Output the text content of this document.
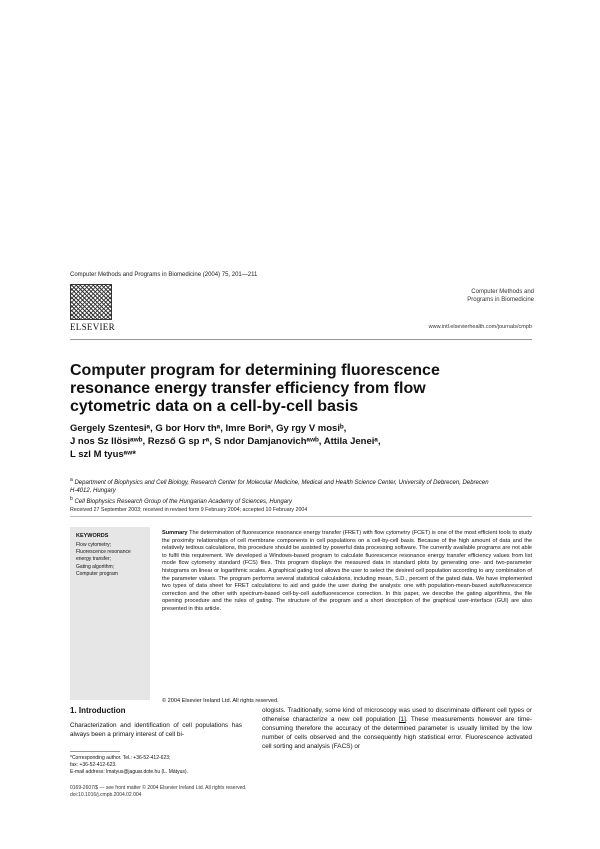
Computer Methods and Programs in Biomedicine (2004) 75, 201—211
ELSEVIER
Computer Methods and
Programs in Biomedicine
www.intl.elsevierhealth.com/journals/cmpb
Computer program for determining fluorescence resonance energy transfer efficiency from flow cytometric data on a cell-by-cell basis
Gergely Szentesiᵃ, G bor Horv thᵃ, Imre Boriᵃ, Gy rgy V mosiᵇ,
J nos Sz llösiᵃʷᵇ, Rezső G sp rᵃ, S ndor Damjanovichᵃʷᵇ, Attila Jeneiᵃ,
L szl M tyusᵃʷ*
$^a$ Department of Biophysics and Cell Biology, Research Center for Molecular Medicine, Medical and Health Science Center, University of Debrecen, Debrecen H-4012, Hungary
$^b$ Cell Biophysics Research Group of the Hungarian Academy of Sciences, Hungary
Received 27 September 2003; received in revised form 9 February 2004; accepted 10 February 2004
KEYWORDS
Flow cytometry;
Fluorescence resonance
energy transfer;
Gating algorithm;
Computer program
Summary The determination of fluorescence resonance energy transfer (FRET) with flow cytometry (FCET) is one of the most efficient tools to study the proximity relationships of cell membrane components in cell populations on a cell-by-cell basis. Because of the high amount of data and the relatively tedious calculations, this procedure should be assisted by powerful data processing software. The currently available programs are not able to fulfil this requirement. We developed a Windows-based program to calculate fluorescence resonance energy transfer efficiency values from list mode flow cytometry standard (FCS) files. This program displays the measured data in standard plots by generating one- and two-parameter histograms on linear or logarithmic scales. A graphical gating tool allows the user to select the desired cell population according to any combination of the parameter values. The program performs several statistical calculations, including mean, S.D., percent of the gated data. We have implemented two types of data sheet for FRET calculations to aid and guide the user during the analysis: one with population-mean-based autofluorescence correction and the other with spectrum-based cell-by-cell autofluorescence correction. In this paper, we describe the gating algorithms, the file opening procedure and the rules of gating. The structure of the program and a short description of the graphical user-interface (GUI) are also presented in this article.
© 2004 Elsevier Ireland Ltd. All rights reserved.
1. Introduction
Characterization and identification of cell populations has always been a primary interest of cell bi-
*Corresponding author. Tel.: +36-52-412-623;
fax: +36-52-412-623.
E-mail address: lmatyus@jaguar.dote.hu (L. Mátyus).
ologists. Traditionally, some kind of microscopy was used to discriminate different cell types or otherwise characterize a new cell population [1]. These measurements however are time-consuming therefore the accuracy of the determined parameter is usually limited by the low number of cells observed and the consequently high statistical error. Fluorescence activated cell sorting and analysis (FACS) or
0169-2607/$ — see front matter © 2004 Elsevier Ireland Ltd. All rights reserved.
doi:10.1016/j.cmpb.2004.02.004
